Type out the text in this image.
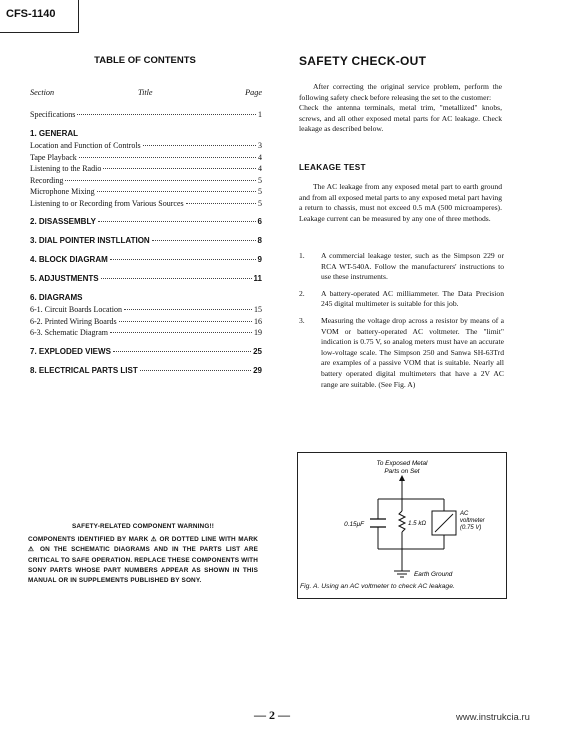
CFS-1140
TABLE OF CONTENTS
Section	Title	Page
Specifications	1
1. GENERAL
Location and Function of Controls	3
Tape Playback	4
Listening to the Radio	4
Recording	5
Microphone Mixing	5
Listening to or Recording from Various Sources	5
2. DISASSEMBLY	6
3. DIAL POINTER INSTLLATION	8
4. BLOCK DIAGRAM	9
5. ADJUSTMENTS	11
6. DIAGRAMS
6-1. Circuit Boards Location	15
6-2. Printed Wiring Boards	16
6-3. Schematic Diagram	19
7. EXPLODED VIEWS	25
8. ELECTRICAL PARTS LIST	29
SAFETY-RELATED COMPONENT WARNING!!

COMPONENTS IDENTIFIED BY MARK ⚠ OR DOTTED LINE WITH MARK ⚠ ON THE SCHEMATIC DIAGRAMS AND IN THE PARTS LIST ARE CRITICAL TO SAFE OPERATION. REPLACE THESE COMPONENTS WITH SONY PARTS WHOSE PART NUMBERS APPEAR AS SHOWN IN THIS MANUAL OR IN SUPPLEMENTS PUBLISHED BY SONY.

SAFETY CHECK-OUT

After correcting the original service problem, perform the following safety check before releasing the set to the customer:

Check the antenna terminals, metal trim, "metallized" knobs, screws, and all other exposed metal parts for AC leakage. Check leakage as described below.

LEAKAGE TEST

The AC leakage from any exposed metal part to earth ground and from all exposed metal parts to any exposed metal part having a return to chassis, must not exceed 0.5 mA (500 microamperes). Leakage current can be measured by any one of three methods.

1.	A commercial leakage tester, such as the Simpson 229 or RCA WT-540A. Follow the manufacturers' instructions to use these instruments.
2.	A battery-operated AC milliammeter. The Data Precision 245 digital multimeter is suitable for this job.
3.	Measuring the voltage drop across a resistor by means of a VOM or battery-operated AC voltmeter. The "limit" indication is 0.75 V, so analog meters must have an accurate low-voltage scale. The Simpson 250 and Sanwa SH-63Trd are examples of a passive VOM that is suitable. Nearly all battery operated digital multimeters that have a 2V AC range are suitable. (See Fig. A)
To Exposed Metal
Parts on Set
0.15μF	1.5 kΩ
AC
voltmeter
(0.75 V)
Earth Ground
Fig. A. Using an AC voltmeter to check AC leakage.
— 2 —	www.instrukcia.ru
